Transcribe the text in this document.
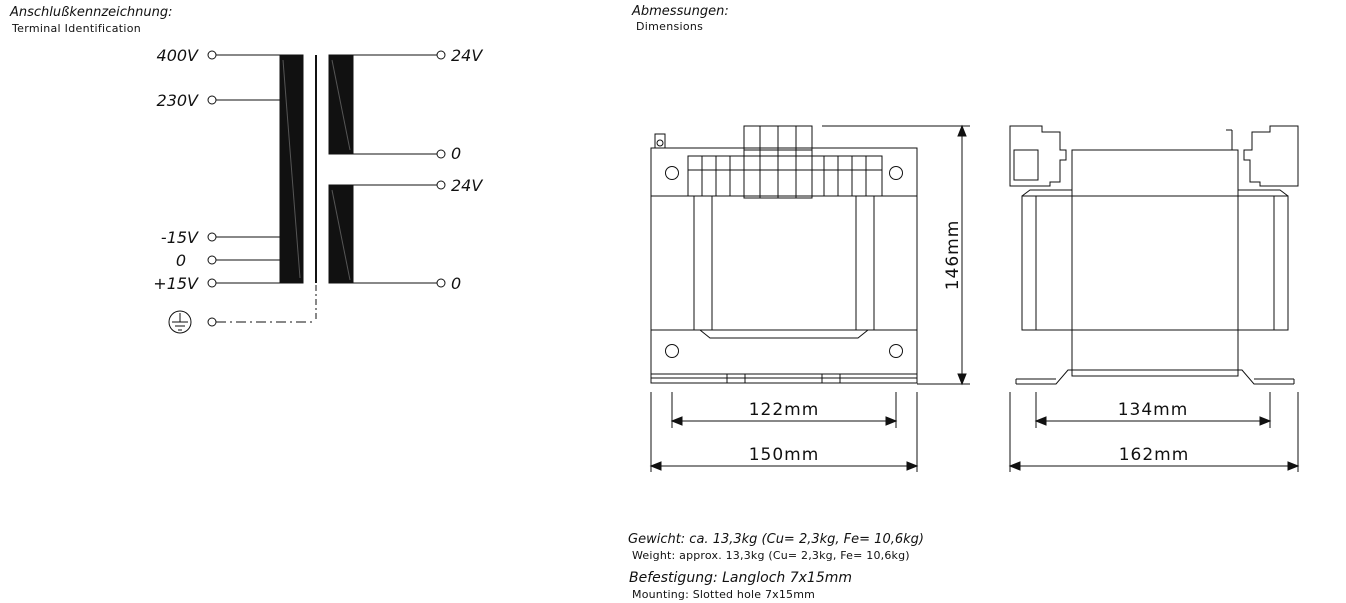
Anschlußkennzeichnung:
Terminal Identification
Abmessungen:
Dimensions
400V
230V
-15V
0
+15V
24V
0
24V
0	146mm
122mm
150mm
134mm
162mm
Gewicht: ca. 13,3kg (Cu= 2,3kg, Fe= 10,6kg)
Weight: approx. 13,3kg (Cu= 2,3kg, Fe= 10,6kg)
Befestigung: Langloch 7x15mm
Mounting: Slotted hole 7x15mm
